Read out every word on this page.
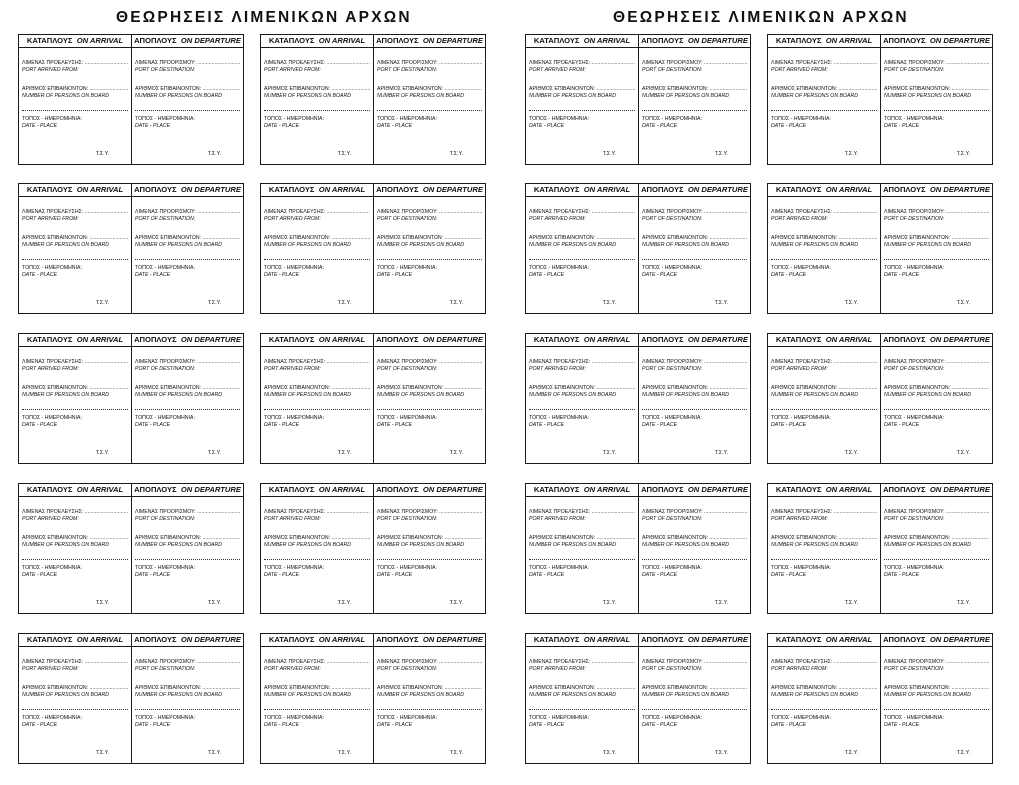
ΘΕΩΡΗΣΕΙΣ ΛΙΜΕΝΙΚΩΝ ΑΡΧΩΝ	ΘΕΩΡΗΣΕΙΣ ΛΙΜΕΝΙΚΩΝ ΑΡΧΩΝ
ΚΑΤΑΠΛΟΥΣ ON ARRIVAL
ΛΙΜΕΝΑΣ ΠΡΟΕΛΕΥΣΗΣ: .....
PORT ARRIVED FROM:
ΑΡΙΘΜΟΣ ΕΠΙΒΑΙΝΟΝΤΩΝ: .....
NUMBER OF PERSONS ON BOARD
ΤΟΠΟΣ - ΗΜΕΡΟΜΗΝΙΑ:
DATE - PLACE
Τ.Σ.Υ.
ΑΠΟΠΛΟΥΣ ON DEPARTURE
ΛΙΜΕΝΑΣ ΠΡΟΟΡΙΣΜΟΥ: .....
PORT OF DESTINATION:
ΑΡΙΘΜΟΣ ΕΠΙΒΑΙΝΟΝΤΩΝ: .....
NUMBER OF PERSONS ON BOARD
ΤΟΠΟΣ - ΗΜΕΡΟΜΗΝΙΑ:
DATE - PLACE
Τ.Σ.Υ.
ΚΑΤΑΠΛΟΥΣ ON ARRIVAL
ΛΙΜΕΝΑΣ ΠΡΟΕΛΕΥΣΗΣ: .....
PORT ARRIVED FROM:
ΑΡΙΘΜΟΣ ΕΠΙΒΑΙΝΟΝΤΩΝ: .....
NUMBER OF PERSONS ON BOARD
ΤΟΠΟΣ - ΗΜΕΡΟΜΗΝΙΑ:
DATE - PLACE
Τ.Σ.Υ.
ΑΠΟΠΛΟΥΣ ON DEPARTURE
ΛΙΜΕΝΑΣ ΠΡΟΟΡΙΣΜΟΥ: .....
PORT OF DESTINATION:
ΑΡΙΘΜΟΣ ΕΠΙΒΑΙΝΟΝΤΩΝ: .....
NUMBER OF PERSONS ON BOARD
ΤΟΠΟΣ - ΗΜΕΡΟΜΗΝΙΑ:
DATE - PLACE
Τ.Σ.Υ.
ΚΑΤΑΠΛΟΥΣ ON ARRIVAL
ΛΙΜΕΝΑΣ ΠΡΟΕΛΕΥΣΗΣ: .....
PORT ARRIVED FROM:
ΑΡΙΘΜΟΣ ΕΠΙΒΑΙΝΟΝΤΩΝ: .....
NUMBER OF PERSONS ON BOARD
ΤΟΠΟΣ - ΗΜΕΡΟΜΗΝΙΑ:
DATE - PLACE
Τ.Σ.Υ.
ΑΠΟΠΛΟΥΣ ON DEPARTURE
ΛΙΜΕΝΑΣ ΠΡΟΟΡΙΣΜΟΥ: .....
PORT OF DESTINATION:
ΑΡΙΘΜΟΣ ΕΠΙΒΑΙΝΟΝΤΩΝ: .....
NUMBER OF PERSONS ON BOARD
ΤΟΠΟΣ - ΗΜΕΡΟΜΗΝΙΑ:
DATE - PLACE
Τ.Σ.Υ.
ΚΑΤΑΠΛΟΥΣ ON ARRIVAL
ΛΙΜΕΝΑΣ ΠΡΟΕΛΕΥΣΗΣ: .....
PORT ARRIVED FROM:
ΑΡΙΘΜΟΣ ΕΠΙΒΑΙΝΟΝΤΩΝ: .....
NUMBER OF PERSONS ON BOARD
ΤΟΠΟΣ - ΗΜΕΡΟΜΗΝΙΑ:
DATE - PLACE
Τ.Σ.Υ.
ΑΠΟΠΛΟΥΣ ON DEPARTURE
ΛΙΜΕΝΑΣ ΠΡΟΟΡΙΣΜΟΥ: .....
PORT OF DESTINATION:
ΑΡΙΘΜΟΣ ΕΠΙΒΑΙΝΟΝΤΩΝ: .....
NUMBER OF PERSONS ON BOARD
ΤΟΠΟΣ - ΗΜΕΡΟΜΗΝΙΑ:
DATE - PLACE
Τ.Σ.Υ.
ΚΑΤΑΠΛΟΥΣ ON ARRIVAL
ΛΙΜΕΝΑΣ ΠΡΟΕΛΕΥΣΗΣ: .....
PORT ARRIVED FROM:
ΑΡΙΘΜΟΣ ΕΠΙΒΑΙΝΟΝΤΩΝ: .....
NUMBER OF PERSONS ON BOARD
ΤΟΠΟΣ - ΗΜΕΡΟΜΗΝΙΑ:
DATE - PLACE
Τ.Σ.Υ.
ΑΠΟΠΛΟΥΣ ON DEPARTURE
ΛΙΜΕΝΑΣ ΠΡΟΟΡΙΣΜΟΥ: .....
PORT OF DESTINATION:
ΑΡΙΘΜΟΣ ΕΠΙΒΑΙΝΟΝΤΩΝ: .....
NUMBER OF PERSONS ON BOARD
ΤΟΠΟΣ - ΗΜΕΡΟΜΗΝΙΑ:
DATE - PLACE
Τ.Σ.Υ.
ΚΑΤΑΠΛΟΥΣ ON ARRIVAL
ΛΙΜΕΝΑΣ ΠΡΟΕΛΕΥΣΗΣ: .....
PORT ARRIVED FROM:
ΑΡΙΘΜΟΣ ΕΠΙΒΑΙΝΟΝΤΩΝ: .....
NUMBER OF PERSONS ON BOARD
ΤΟΠΟΣ - ΗΜΕΡΟΜΗΝΙΑ:
DATE - PLACE
Τ.Σ.Υ.
ΑΠΟΠΛΟΥΣ ON DEPARTURE
ΛΙΜΕΝΑΣ ΠΡΟΟΡΙΣΜΟΥ: .....
PORT OF DESTINATION:
ΑΡΙΘΜΟΣ ΕΠΙΒΑΙΝΟΝΤΩΝ: .....
NUMBER OF PERSONS ON BOARD
ΤΟΠΟΣ - ΗΜΕΡΟΜΗΝΙΑ:
DATE - PLACE
Τ.Σ.Υ.
ΚΑΤΑΠΛΟΥΣ ON ARRIVAL
ΛΙΜΕΝΑΣ ΠΡΟΕΛΕΥΣΗΣ: .....
PORT ARRIVED FROM:
ΑΡΙΘΜΟΣ ΕΠΙΒΑΙΝΟΝΤΩΝ: .....
NUMBER OF PERSONS ON BOARD
ΤΟΠΟΣ - ΗΜΕΡΟΜΗΝΙΑ:
DATE - PLACE
Τ.Σ.Υ.
ΑΠΟΠΛΟΥΣ ON DEPARTURE
ΛΙΜΕΝΑΣ ΠΡΟΟΡΙΣΜΟΥ: .....
PORT OF DESTINATION:
ΑΡΙΘΜΟΣ ΕΠΙΒΑΙΝΟΝΤΩΝ: .....
NUMBER OF PERSONS ON BOARD
ΤΟΠΟΣ - ΗΜΕΡΟΜΗΝΙΑ:
DATE - PLACE
Τ.Σ.Υ.
ΚΑΤΑΠΛΟΥΣ ON ARRIVAL
ΛΙΜΕΝΑΣ ΠΡΟΕΛΕΥΣΗΣ: .....
PORT ARRIVED FROM:
ΑΡΙΘΜΟΣ ΕΠΙΒΑΙΝΟΝΤΩΝ: .....
NUMBER OF PERSONS ON BOARD
ΤΟΠΟΣ - ΗΜΕΡΟΜΗΝΙΑ:
DATE - PLACE
Τ.Σ.Υ.
ΑΠΟΠΛΟΥΣ ON DEPARTURE
ΛΙΜΕΝΑΣ ΠΡΟΟΡΙΣΜΟΥ: .....
PORT OF DESTINATION:
ΑΡΙΘΜΟΣ ΕΠΙΒΑΙΝΟΝΤΩΝ: .....
NUMBER OF PERSONS ON BOARD
ΤΟΠΟΣ - ΗΜΕΡΟΜΗΝΙΑ:
DATE - PLACE
Τ.Σ.Υ.
ΚΑΤΑΠΛΟΥΣ ON ARRIVAL
ΛΙΜΕΝΑΣ ΠΡΟΕΛΕΥΣΗΣ: .....
PORT ARRIVED FROM:
ΑΡΙΘΜΟΣ ΕΠΙΒΑΙΝΟΝΤΩΝ: .....
NUMBER OF PERSONS ON BOARD
ΤΟΠΟΣ - ΗΜΕΡΟΜΗΝΙΑ:
DATE - PLACE
Τ.Σ.Υ.
ΑΠΟΠΛΟΥΣ ON DEPARTURE
ΛΙΜΕΝΑΣ ΠΡΟΟΡΙΣΜΟΥ: .....
PORT OF DESTINATION:
ΑΡΙΘΜΟΣ ΕΠΙΒΑΙΝΟΝΤΩΝ: .....
NUMBER OF PERSONS ON BOARD
ΤΟΠΟΣ - ΗΜΕΡΟΜΗΝΙΑ:
DATE - PLACE
Τ.Σ.Υ.
ΚΑΤΑΠΛΟΥΣ ON ARRIVAL
ΛΙΜΕΝΑΣ ΠΡΟΕΛΕΥΣΗΣ: .....
PORT ARRIVED FROM:
ΑΡΙΘΜΟΣ ΕΠΙΒΑΙΝΟΝΤΩΝ: .....
NUMBER OF PERSONS ON BOARD
ΤΟΠΟΣ - ΗΜΕΡΟΜΗΝΙΑ:
DATE - PLACE
Τ.Σ.Υ.
ΑΠΟΠΛΟΥΣ ON DEPARTURE
ΛΙΜΕΝΑΣ ΠΡΟΟΡΙΣΜΟΥ: .....
PORT OF DESTINATION:
ΑΡΙΘΜΟΣ ΕΠΙΒΑΙΝΟΝΤΩΝ: .....
NUMBER OF PERSONS ON BOARD
ΤΟΠΟΣ - ΗΜΕΡΟΜΗΝΙΑ:
DATE - PLACE
Τ.Σ.Υ.
ΚΑΤΑΠΛΟΥΣ ON ARRIVAL
ΛΙΜΕΝΑΣ ΠΡΟΕΛΕΥΣΗΣ: .....
PORT ARRIVED FROM:
ΑΡΙΘΜΟΣ ΕΠΙΒΑΙΝΟΝΤΩΝ: .....
NUMBER OF PERSONS ON BOARD
ΤΟΠΟΣ - ΗΜΕΡΟΜΗΝΙΑ:
DATE - PLACE
Τ.Σ.Υ.
ΑΠΟΠΛΟΥΣ ON DEPARTURE
ΛΙΜΕΝΑΣ ΠΡΟΟΡΙΣΜΟΥ: .....
PORT OF DESTINATION:
ΑΡΙΘΜΟΣ ΕΠΙΒΑΙΝΟΝΤΩΝ: .....
NUMBER OF PERSONS ON BOARD
ΤΟΠΟΣ - ΗΜΕΡΟΜΗΝΙΑ:
DATE - PLACE
Τ.Σ.Υ.
ΚΑΤΑΠΛΟΥΣ ON ARRIVAL
ΛΙΜΕΝΑΣ ΠΡΟΕΛΕΥΣΗΣ: .....
PORT ARRIVED FROM:
ΑΡΙΘΜΟΣ ΕΠΙΒΑΙΝΟΝΤΩΝ: .....
NUMBER OF PERSONS ON BOARD
ΤΟΠΟΣ - ΗΜΕΡΟΜΗΝΙΑ:
DATE - PLACE
Τ.Σ.Υ.
ΑΠΟΠΛΟΥΣ ON DEPARTURE
ΛΙΜΕΝΑΣ ΠΡΟΟΡΙΣΜΟΥ: .....
PORT OF DESTINATION:
ΑΡΙΘΜΟΣ ΕΠΙΒΑΙΝΟΝΤΩΝ: .....
NUMBER OF PERSONS ON BOARD
ΤΟΠΟΣ - ΗΜΕΡΟΜΗΝΙΑ:
DATE - PLACE
Τ.Σ.Υ.
ΚΑΤΑΠΛΟΥΣ ON ARRIVAL
ΛΙΜΕΝΑΣ ΠΡΟΕΛΕΥΣΗΣ: .....
PORT ARRIVED FROM:
ΑΡΙΘΜΟΣ ΕΠΙΒΑΙΝΟΝΤΩΝ: .....
NUMBER OF PERSONS ON BOARD
ΤΟΠΟΣ - ΗΜΕΡΟΜΗΝΙΑ:
DATE - PLACE
Τ.Σ.Υ.
ΑΠΟΠΛΟΥΣ ON DEPARTURE
ΛΙΜΕΝΑΣ ΠΡΟΟΡΙΣΜΟΥ: .....
PORT OF DESTINATION:
ΑΡΙΘΜΟΣ ΕΠΙΒΑΙΝΟΝΤΩΝ: .....
NUMBER OF PERSONS ON BOARD
ΤΟΠΟΣ - ΗΜΕΡΟΜΗΝΙΑ:
DATE - PLACE
Τ.Σ.Υ.
ΚΑΤΑΠΛΟΥΣ ON ARRIVAL
ΛΙΜΕΝΑΣ ΠΡΟΕΛΕΥΣΗΣ: .....
PORT ARRIVED FROM:
ΑΡΙΘΜΟΣ ΕΠΙΒΑΙΝΟΝΤΩΝ: .....
NUMBER OF PERSONS ON BOARD
ΤΟΠΟΣ - ΗΜΕΡΟΜΗΝΙΑ:
DATE - PLACE
Τ.Σ.Υ.
ΑΠΟΠΛΟΥΣ ON DEPARTURE
ΛΙΜΕΝΑΣ ΠΡΟΟΡΙΣΜΟΥ: .....
PORT OF DESTINATION:
ΑΡΙΘΜΟΣ ΕΠΙΒΑΙΝΟΝΤΩΝ: .....
NUMBER OF PERSONS ON BOARD
ΤΟΠΟΣ - ΗΜΕΡΟΜΗΝΙΑ:
DATE - PLACE
Τ.Σ.Υ.
ΚΑΤΑΠΛΟΥΣ ON ARRIVAL
ΛΙΜΕΝΑΣ ΠΡΟΕΛΕΥΣΗΣ: .....
PORT ARRIVED FROM:
ΑΡΙΘΜΟΣ ΕΠΙΒΑΙΝΟΝΤΩΝ: .....
NUMBER OF PERSONS ON BOARD
ΤΟΠΟΣ - ΗΜΕΡΟΜΗΝΙΑ:
DATE - PLACE
Τ.Σ.Υ.
ΑΠΟΠΛΟΥΣ ON DEPARTURE
ΛΙΜΕΝΑΣ ΠΡΟΟΡΙΣΜΟΥ: .....
PORT OF DESTINATION:
ΑΡΙΘΜΟΣ ΕΠΙΒΑΙΝΟΝΤΩΝ: .....
NUMBER OF PERSONS ON BOARD
ΤΟΠΟΣ - ΗΜΕΡΟΜΗΝΙΑ:
DATE - PLACE
Τ.Σ.Υ.
ΚΑΤΑΠΛΟΥΣ ON ARRIVAL
ΛΙΜΕΝΑΣ ΠΡΟΕΛΕΥΣΗΣ: .....
PORT ARRIVED FROM:
ΑΡΙΘΜΟΣ ΕΠΙΒΑΙΝΟΝΤΩΝ: .....
NUMBER OF PERSONS ON BOARD
ΤΟΠΟΣ - ΗΜΕΡΟΜΗΝΙΑ:
DATE - PLACE
Τ.Σ.Υ.
ΑΠΟΠΛΟΥΣ ON DEPARTURE
ΛΙΜΕΝΑΣ ΠΡΟΟΡΙΣΜΟΥ: .....
PORT OF DESTINATION:
ΑΡΙΘΜΟΣ ΕΠΙΒΑΙΝΟΝΤΩΝ: .....
NUMBER OF PERSONS ON BOARD
ΤΟΠΟΣ - ΗΜΕΡΟΜΗΝΙΑ:
DATE - PLACE
Τ.Σ.Υ.
ΚΑΤΑΠΛΟΥΣ ON ARRIVAL
ΛΙΜΕΝΑΣ ΠΡΟΕΛΕΥΣΗΣ: .....
PORT ARRIVED FROM:
ΑΡΙΘΜΟΣ ΕΠΙΒΑΙΝΟΝΤΩΝ: .....
NUMBER OF PERSONS ON BOARD
ΤΟΠΟΣ - ΗΜΕΡΟΜΗΝΙΑ:
DATE - PLACE
Τ.Σ.Υ.
ΑΠΟΠΛΟΥΣ ON DEPARTURE
ΛΙΜΕΝΑΣ ΠΡΟΟΡΙΣΜΟΥ: .....
PORT OF DESTINATION:
ΑΡΙΘΜΟΣ ΕΠΙΒΑΙΝΟΝΤΩΝ: .....
NUMBER OF PERSONS ON BOARD
ΤΟΠΟΣ - ΗΜΕΡΟΜΗΝΙΑ:
DATE - PLACE
Τ.Σ.Υ.
ΚΑΤΑΠΛΟΥΣ ON ARRIVAL
ΛΙΜΕΝΑΣ ΠΡΟΕΛΕΥΣΗΣ: .....
PORT ARRIVED FROM:
ΑΡΙΘΜΟΣ ΕΠΙΒΑΙΝΟΝΤΩΝ: .....
NUMBER OF PERSONS ON BOARD
ΤΟΠΟΣ - ΗΜΕΡΟΜΗΝΙΑ:
DATE - PLACE
Τ.Σ.Υ.
ΑΠΟΠΛΟΥΣ ON DEPARTURE
ΛΙΜΕΝΑΣ ΠΡΟΟΡΙΣΜΟΥ: .....
PORT OF DESTINATION:
ΑΡΙΘΜΟΣ ΕΠΙΒΑΙΝΟΝΤΩΝ: .....
NUMBER OF PERSONS ON BOARD
ΤΟΠΟΣ - ΗΜΕΡΟΜΗΝΙΑ:
DATE - PLACE
Τ.Σ.Υ.
ΚΑΤΑΠΛΟΥΣ ON ARRIVAL
ΛΙΜΕΝΑΣ ΠΡΟΕΛΕΥΣΗΣ: .....
PORT ARRIVED FROM:
ΑΡΙΘΜΟΣ ΕΠΙΒΑΙΝΟΝΤΩΝ: .....
NUMBER OF PERSONS ON BOARD
ΤΟΠΟΣ - ΗΜΕΡΟΜΗΝΙΑ:
DATE - PLACE
Τ.Σ.Υ.
ΑΠΟΠΛΟΥΣ ON DEPARTURE
ΛΙΜΕΝΑΣ ΠΡΟΟΡΙΣΜΟΥ: .....
PORT OF DESTINATION:
ΑΡΙΘΜΟΣ ΕΠΙΒΑΙΝΟΝΤΩΝ: .....
NUMBER OF PERSONS ON BOARD
ΤΟΠΟΣ - ΗΜΕΡΟΜΗΝΙΑ:
DATE - PLACE
Τ.Σ.Υ.
ΚΑΤΑΠΛΟΥΣ ON ARRIVAL
ΛΙΜΕΝΑΣ ΠΡΟΕΛΕΥΣΗΣ: .....
PORT ARRIVED FROM:
ΑΡΙΘΜΟΣ ΕΠΙΒΑΙΝΟΝΤΩΝ: .....
NUMBER OF PERSONS ON BOARD
ΤΟΠΟΣ - ΗΜΕΡΟΜΗΝΙΑ:
DATE - PLACE
Τ.Σ.Υ.
ΑΠΟΠΛΟΥΣ ON DEPARTURE
ΛΙΜΕΝΑΣ ΠΡΟΟΡΙΣΜΟΥ: .....
PORT OF DESTINATION:
ΑΡΙΘΜΟΣ ΕΠΙΒΑΙΝΟΝΤΩΝ: .....
NUMBER OF PERSONS ON BOARD
ΤΟΠΟΣ - ΗΜΕΡΟΜΗΝΙΑ:
DATE - PLACE
Τ.Σ.Υ.
